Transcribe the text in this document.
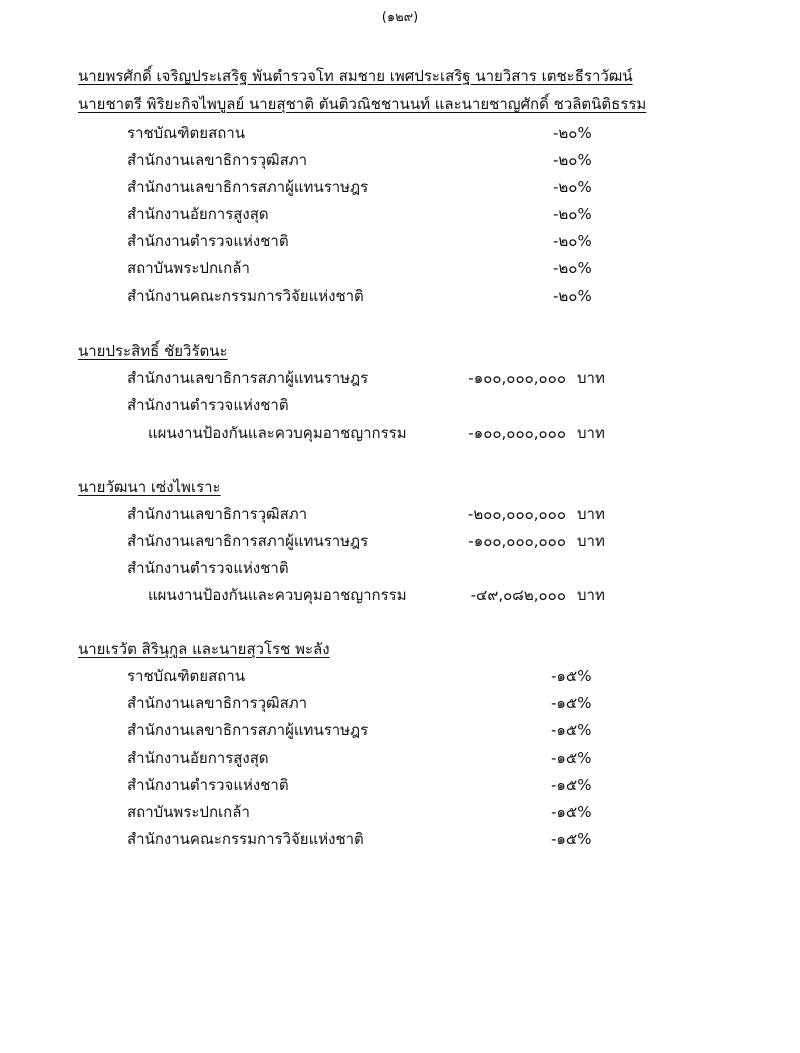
(๑๒๙)
นายพรศักดิ์ เจริญประเสริฐ พันตำรวจโท สมชาย เพศประเสริฐ นายวิสาร เตชะธีราวัฒน์
นายชาตรี พิริยะกิจไพบูลย์ นายสุชาติ ตันติวณิชชานนท์ และนายชาญศักดิ์ ชวลิตนิติธรรม
ราชบัณฑิตยสถาน	-๒๐%
สำนักงานเลขาธิการวุฒิสภา	-๒๐%
สำนักงานเลขาธิการสภาผู้แทนราษฎร	-๒๐%
สำนักงานอัยการสูงสุด	-๒๐%
สำนักงานตำรวจแห่งชาติ	-๒๐%
สถาบันพระปกเกล้า	-๒๐%
สำนักงานคณะกรรมการวิจัยแห่งชาติ	-๒๐%
นายประสิทธิ์ ชัยวิรัตนะ
สำนักงานเลขาธิการสภาผู้แทนราษฎร	-๑๐๐,๐๐๐,๐๐๐ บาท
สำนักงานตำรวจแห่งชาติ
แผนงานป้องกันและควบคุมอาชญากรรม	-๑๐๐,๐๐๐,๐๐๐ บาท
นายวัฒนา เซ่งไพเราะ
สำนักงานเลขาธิการวุฒิสภา	-๒๐๐,๐๐๐,๐๐๐ บาท
สำนักงานเลขาธิการสภาผู้แทนราษฎร	-๑๐๐,๐๐๐,๐๐๐ บาท
สำนักงานตำรวจแห่งชาติ
แผนงานป้องกันและควบคุมอาชญากรรม	-๔๙,๐๘๒,๐๐๐ บาท
นายเรวัต สิรินุกูล และนายสุวโรช พะลัง
ราชบัณฑิตยสถาน	-๑๕%
สำนักงานเลขาธิการวุฒิสภา	-๑๕%
สำนักงานเลขาธิการสภาผู้แทนราษฎร	-๑๕%
สำนักงานอัยการสูงสุด	-๑๕%
สำนักงานตำรวจแห่งชาติ	-๑๕%
สถาบันพระปกเกล้า	-๑๕%
สำนักงานคณะกรรมการวิจัยแห่งชาติ	-๑๕%
